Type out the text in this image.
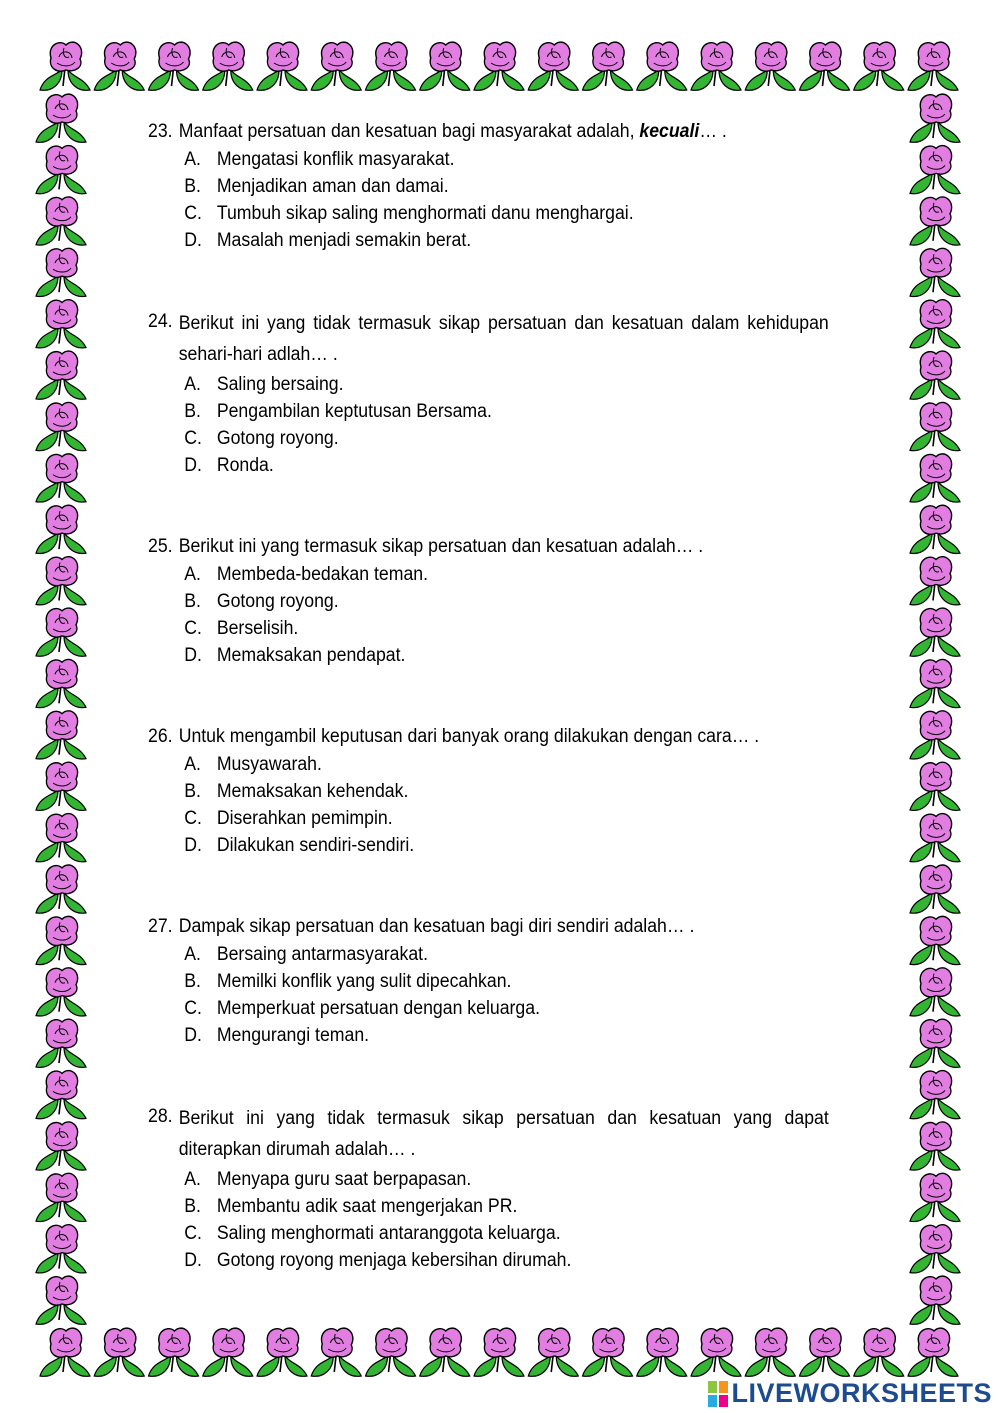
23. Manfaat persatuan dan kesatuan bagi masyarakat adalah, kecuali… .
A. Mengatasi konflik masyarakat.
B. Menjadikan aman dan damai.
C. Tumbuh sikap saling menghormati danu menghargai.
D. Masalah menjadi semakin berat.
24. Berikut ini yang tidak termasuk sikap persatuan dan kesatuan dalam kehidupan sehari-hari adlah… .
A. Saling bersaing.
B. Pengambilan keptutusan Bersama.
C. Gotong royong.
D. Ronda.
25. Berikut ini yang termasuk sikap persatuan dan kesatuan adalah… .
A. Membeda-bedakan teman.
B. Gotong royong.
C. Berselisih.
D. Memaksakan pendapat.
26. Untuk mengambil keputusan dari banyak orang dilakukan dengan cara… .
A. Musyawarah.
B. Memaksakan kehendak.
C. Diserahkan pemimpin.
D. Dilakukan sendiri-sendiri.
27. Dampak sikap persatuan dan kesatuan bagi diri sendiri adalah… .
A. Bersaing antarmasyarakat.
B. Memilki konflik yang sulit dipecahkan.
C. Memperkuat persatuan dengan keluarga.
D. Mengurangi teman.
28. Berikut ini yang tidak termasuk sikap persatuan dan kesatuan yang dapat diterapkan dirumah adalah… .
A. Menyapa guru saat berpapasan.
B. Membantu adik saat mengerjakan PR.
C. Saling menghormati antaranggota keluarga.
D. Gotong royong menjaga kebersihan dirumah.
LIVEWORKSHEETS
